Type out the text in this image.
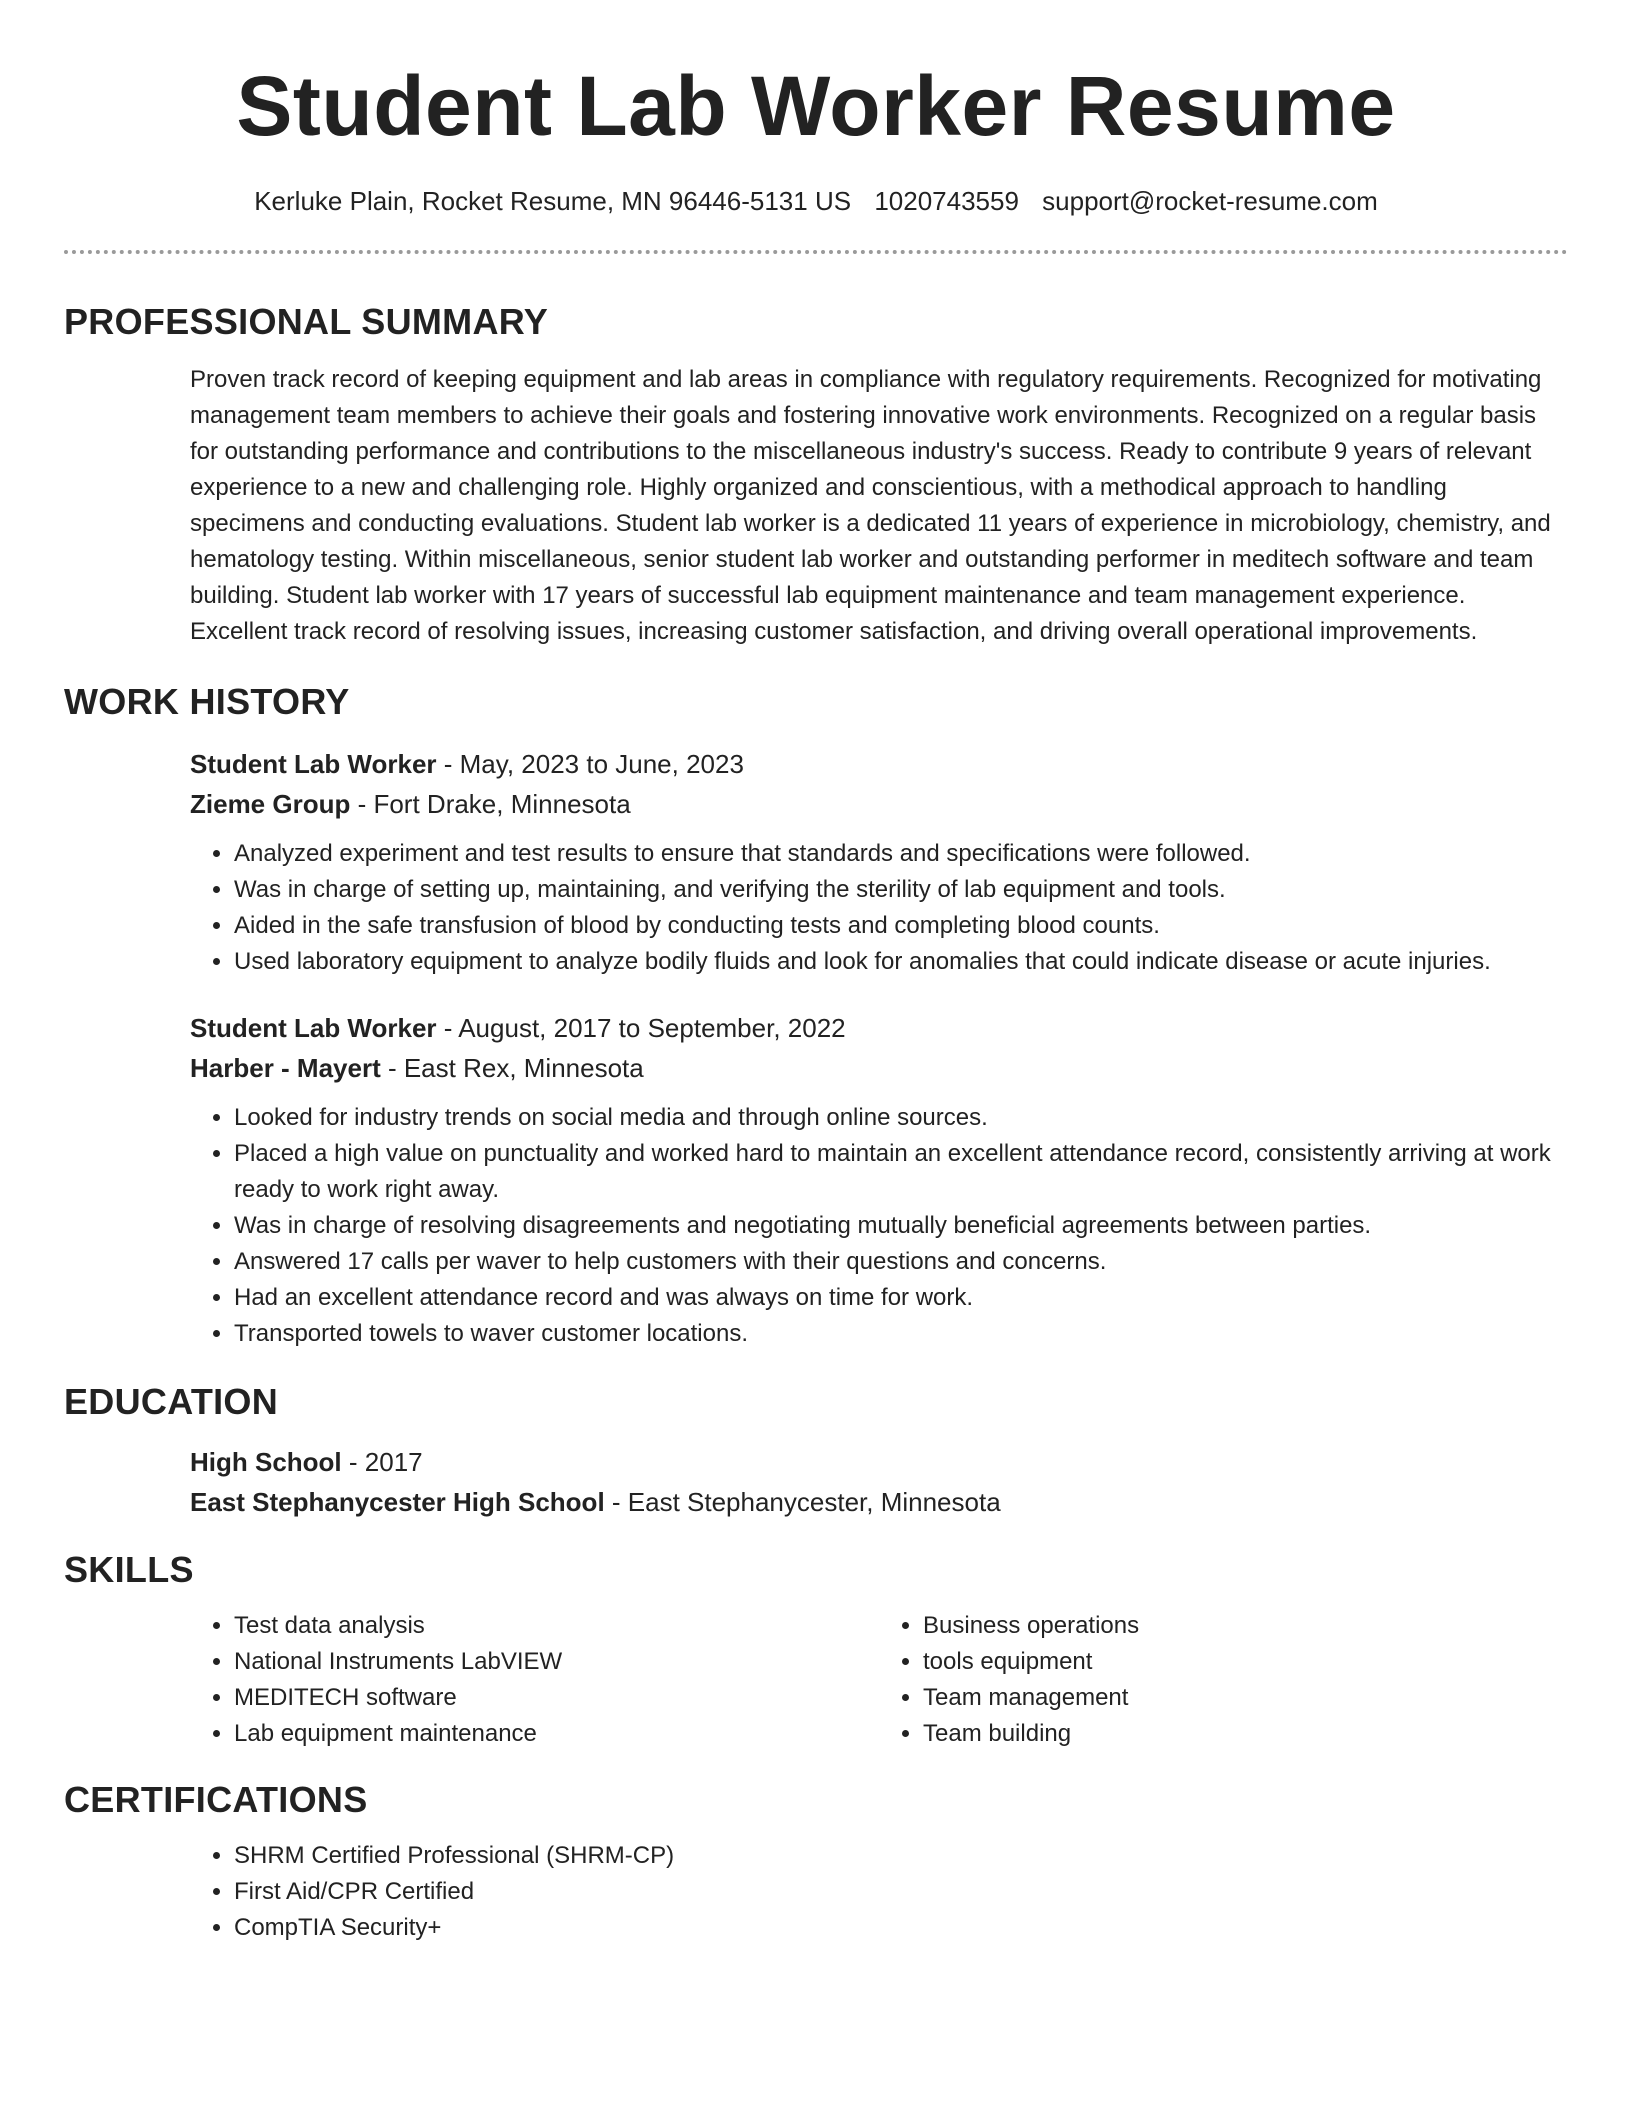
Student Lab Worker Resume
Kerluke Plain, Rocket Resume, MN 96446-5131 US 1020743559 support@rocket-resume.com
PROFESSIONAL SUMMARY

Proven track record of keeping equipment and lab areas in compliance with regulatory requirements. Recognized for motivating management team members to achieve their goals and fostering innovative work environments. Recognized on a regular basis for outstanding performance and contributions to the miscellaneous industry's success. Ready to contribute 9 years of relevant experience to a new and challenging role. Highly organized and conscientious, with a methodical approach to handling specimens and conducting evaluations. Student lab worker is a dedicated 11 years of experience in microbiology, chemistry, and hematology testing. Within miscellaneous, senior student lab worker and outstanding performer in meditech software and team building. Student lab worker with 17 years of successful lab equipment maintenance and team management experience. Excellent track record of resolving issues, increasing customer satisfaction, and driving overall operational improvements.

WORK HISTORY

Student Lab Worker - May, 2023 to June, 2023

Zieme Group - Fort Drake, Minnesota

• Analyzed experiment and test results to ensure that standards and specifications were followed.
• Was in charge of setting up, maintaining, and verifying the sterility of lab equipment and tools.
• Aided in the safe transfusion of blood by conducting tests and completing blood counts.
• Used laboratory equipment to analyze bodily fluids and look for anomalies that could indicate disease or acute injuries.

Student Lab Worker - August, 2017 to September, 2022

Harber - Mayert - East Rex, Minnesota

• Looked for industry trends on social media and through online sources.
• Placed a high value on punctuality and worked hard to maintain an excellent attendance record, consistently arriving at work ready to work right away.
• Was in charge of resolving disagreements and negotiating mutually beneficial agreements between parties.
• Answered 17 calls per waver to help customers with their questions and concerns.
• Had an excellent attendance record and was always on time for work.
• Transported towels to waver customer locations.
EDUCATION

High School - 2017

East Stephanycester High School - East Stephanycester, Minnesota

SKILLS
• Test data analysis
• National Instruments LabVIEW
• MEDITECH software
• Lab equipment maintenance
• Business operations
• tools equipment
• Team management
• Team building
CERTIFICATIONS
• SHRM Certified Professional (SHRM-CP)
• First Aid/CPR Certified
• CompTIA Security+
